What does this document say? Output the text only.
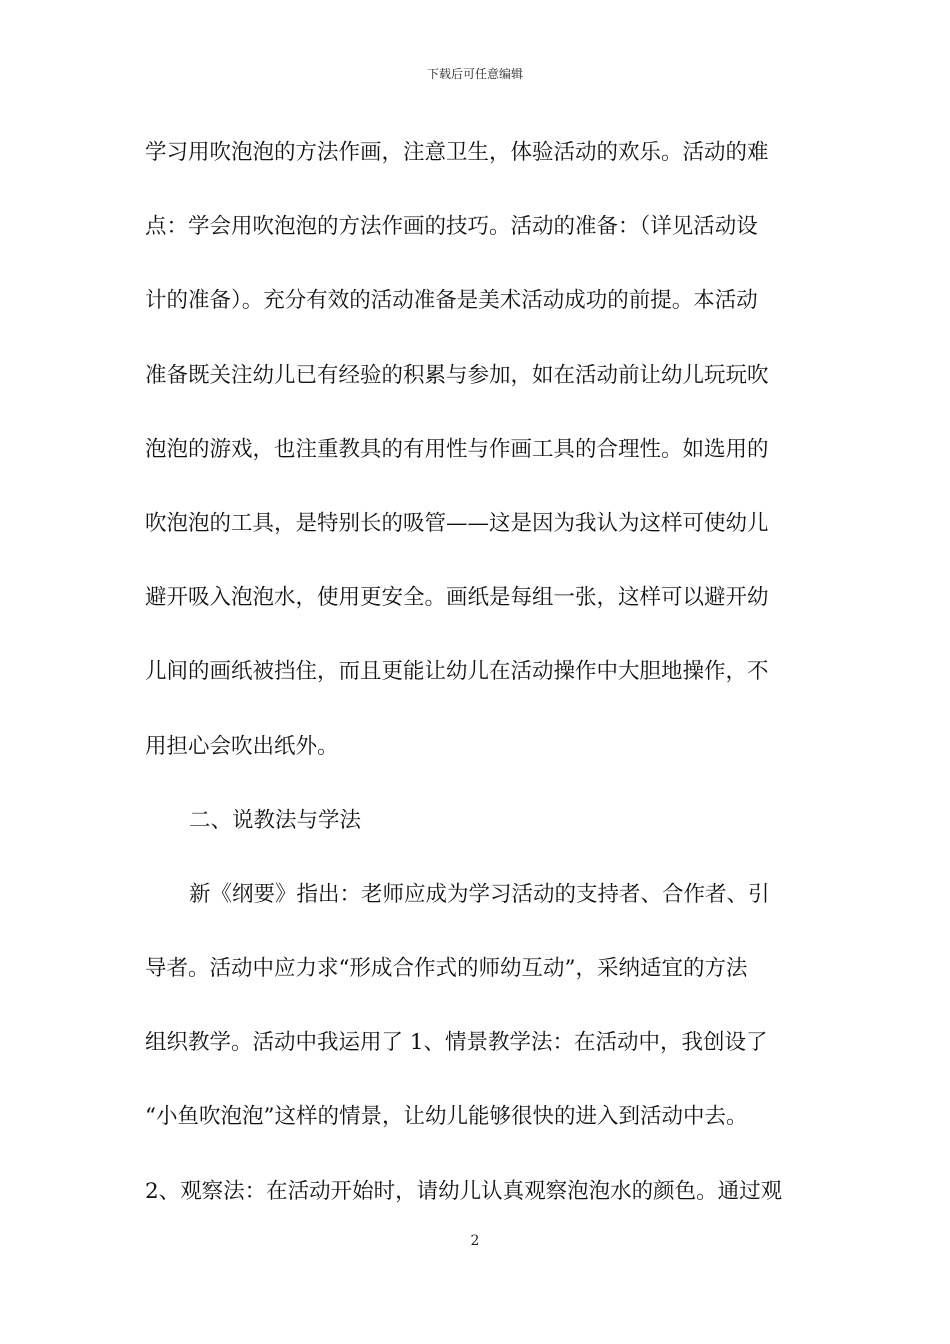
下载后可任意编辑
学习用吹泡泡的方法作画，注意卫生，体验活动的欢乐。活动的难
点：学会用吹泡泡的方法作画的技巧。活动的准备：（详见活动设
计的准备）。充分有效的活动准备是美术活动成功的前提。本活动
准备既关注幼儿已有经验的积累与参加，如在活动前让幼儿玩玩吹
泡泡的游戏，也注重教具的有用性与作画工具的合理性。如选用的
吹泡泡的工具，是特别长的吸管——这是因为我认为这样可使幼儿
避开吸入泡泡水，使用更安全。画纸是每组一张，这样可以避开幼
儿间的画纸被挡住，而且更能让幼儿在活动操作中大胆地操作，不
用担心会吹出纸外。
二、说教法与学法
新《纲要》指出：老师应成为学习活动的支持者、合作者、引
导者。活动中应力求“形成合作式的师幼互动”，采纳适宜的方法
组织教学。活动中我运用了 1、情景教学法：在活动中，我创设了
“小鱼吹泡泡”这样的情景，让幼儿能够很快的进入到活动中去。
2、观察法：在活动开始时，请幼儿认真观察泡泡水的颜色。通过观
2
